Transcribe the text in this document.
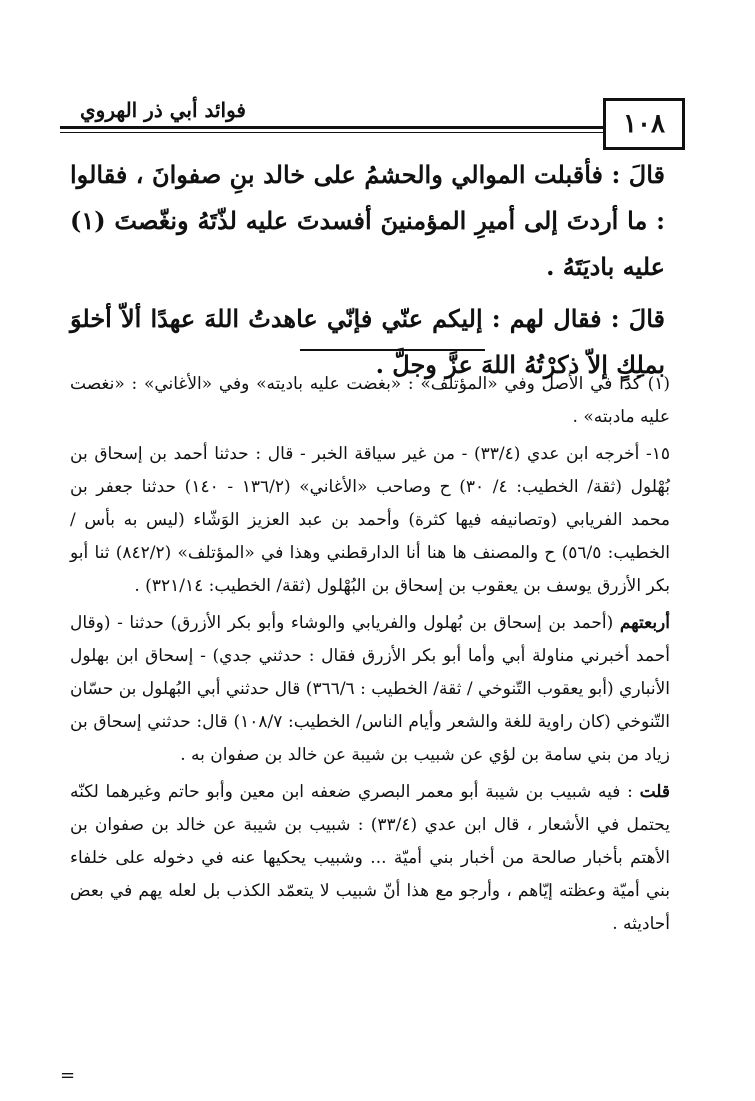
١٠٨
فوائد أبي ذر الهروي

قالَ : فأقبلت الموالي والحشمُ على خالد بنِ صفوانَ ، فقالوا : ما أردتَ إلى أميرِ المؤمنينَ أفسدتَ عليه لذّتَهُ ونغّصتَ (١) عليه باديَتَهُ .

قالَ : فقال لهم : إليكم عنّي فإنّي عاهدتُ اللهَ عهدًا ألاّ أخلوَ بملِكٍ إلاّ ذكرْتُهُ اللهَ عزَّ وجلَّ .

(١) كذا في الأصل وفي «المؤتلف» : «بغضت عليه باديته» وفي «الأغاني» : «نغصت عليه مادبته» .

١٥- أخرجه ابن عدي (٣٣/٤) - من غير سياقة الخبر - قال : حدثنا أحمد بن إسحاق بن بُهْلول (ثقة/ الخطيب: ٤/ ٣٠) ح وصاحب «الأغاني» (١٣٦/٢ - ١٤٠) حدثنا جعفر بن محمد الفريابي (وتصانيفه فيها كثرة) وأحمد بن عبد العزيز الوَشّاء (ليس به بأس / الخطيب: ٥٦/٥) ح والمصنف ها هنا أنا الدارقطني وهذا في «المؤتلف» (٨٤٢/٢) ثنا أبو بكر الأزرق يوسف بن يعقوب بن إسحاق بن البُهْلول (ثقة/ الخطيب: ٣٢١/١٤) .

أربعتهم (أحمد بن إسحاق بن بُهلول والفريابي والوشاء وأبو بكر الأزرق) حدثنا - (وقال أحمد أخبرني مناولة أبي وأما أبو بكر الأزرق فقال : حدثني جدي) - إسحاق ابن بهلول الأنباري (أبو يعقوب التّنوخي / ثقة/ الخطيب : ٣٦٦/٦) قال حدثني أبي البُهلول بن حسّان التّنوخي (كان راوية للغة والشعر وأيام الناس/ الخطيب: ١٠٨/٧) قال: حدثني إسحاق بن زياد من بني سامة بن لؤي عن شبيب بن شيبة عن خالد بن صفوان به .

قلت : فيه شبيب بن شيبة أبو معمر البصري ضعفه ابن معين وأبو حاتم وغيرهما لكنّه يحتمل في الأشعار ، قال ابن عدي (٣٣/٤) : شبيب بن شيبة عن خالد بن صفوان بن الأهتم بأخبار صالحة من أخبار بني أميّة ... وشبيب يحكيها عنه في دخوله على خلفاء بني أميّة وعظته إيّاهم ، وأرجو مع هذا أنّ شبيب لا يتعمّد الكذب بل لعله يهم في بعض أحاديثه .

=
